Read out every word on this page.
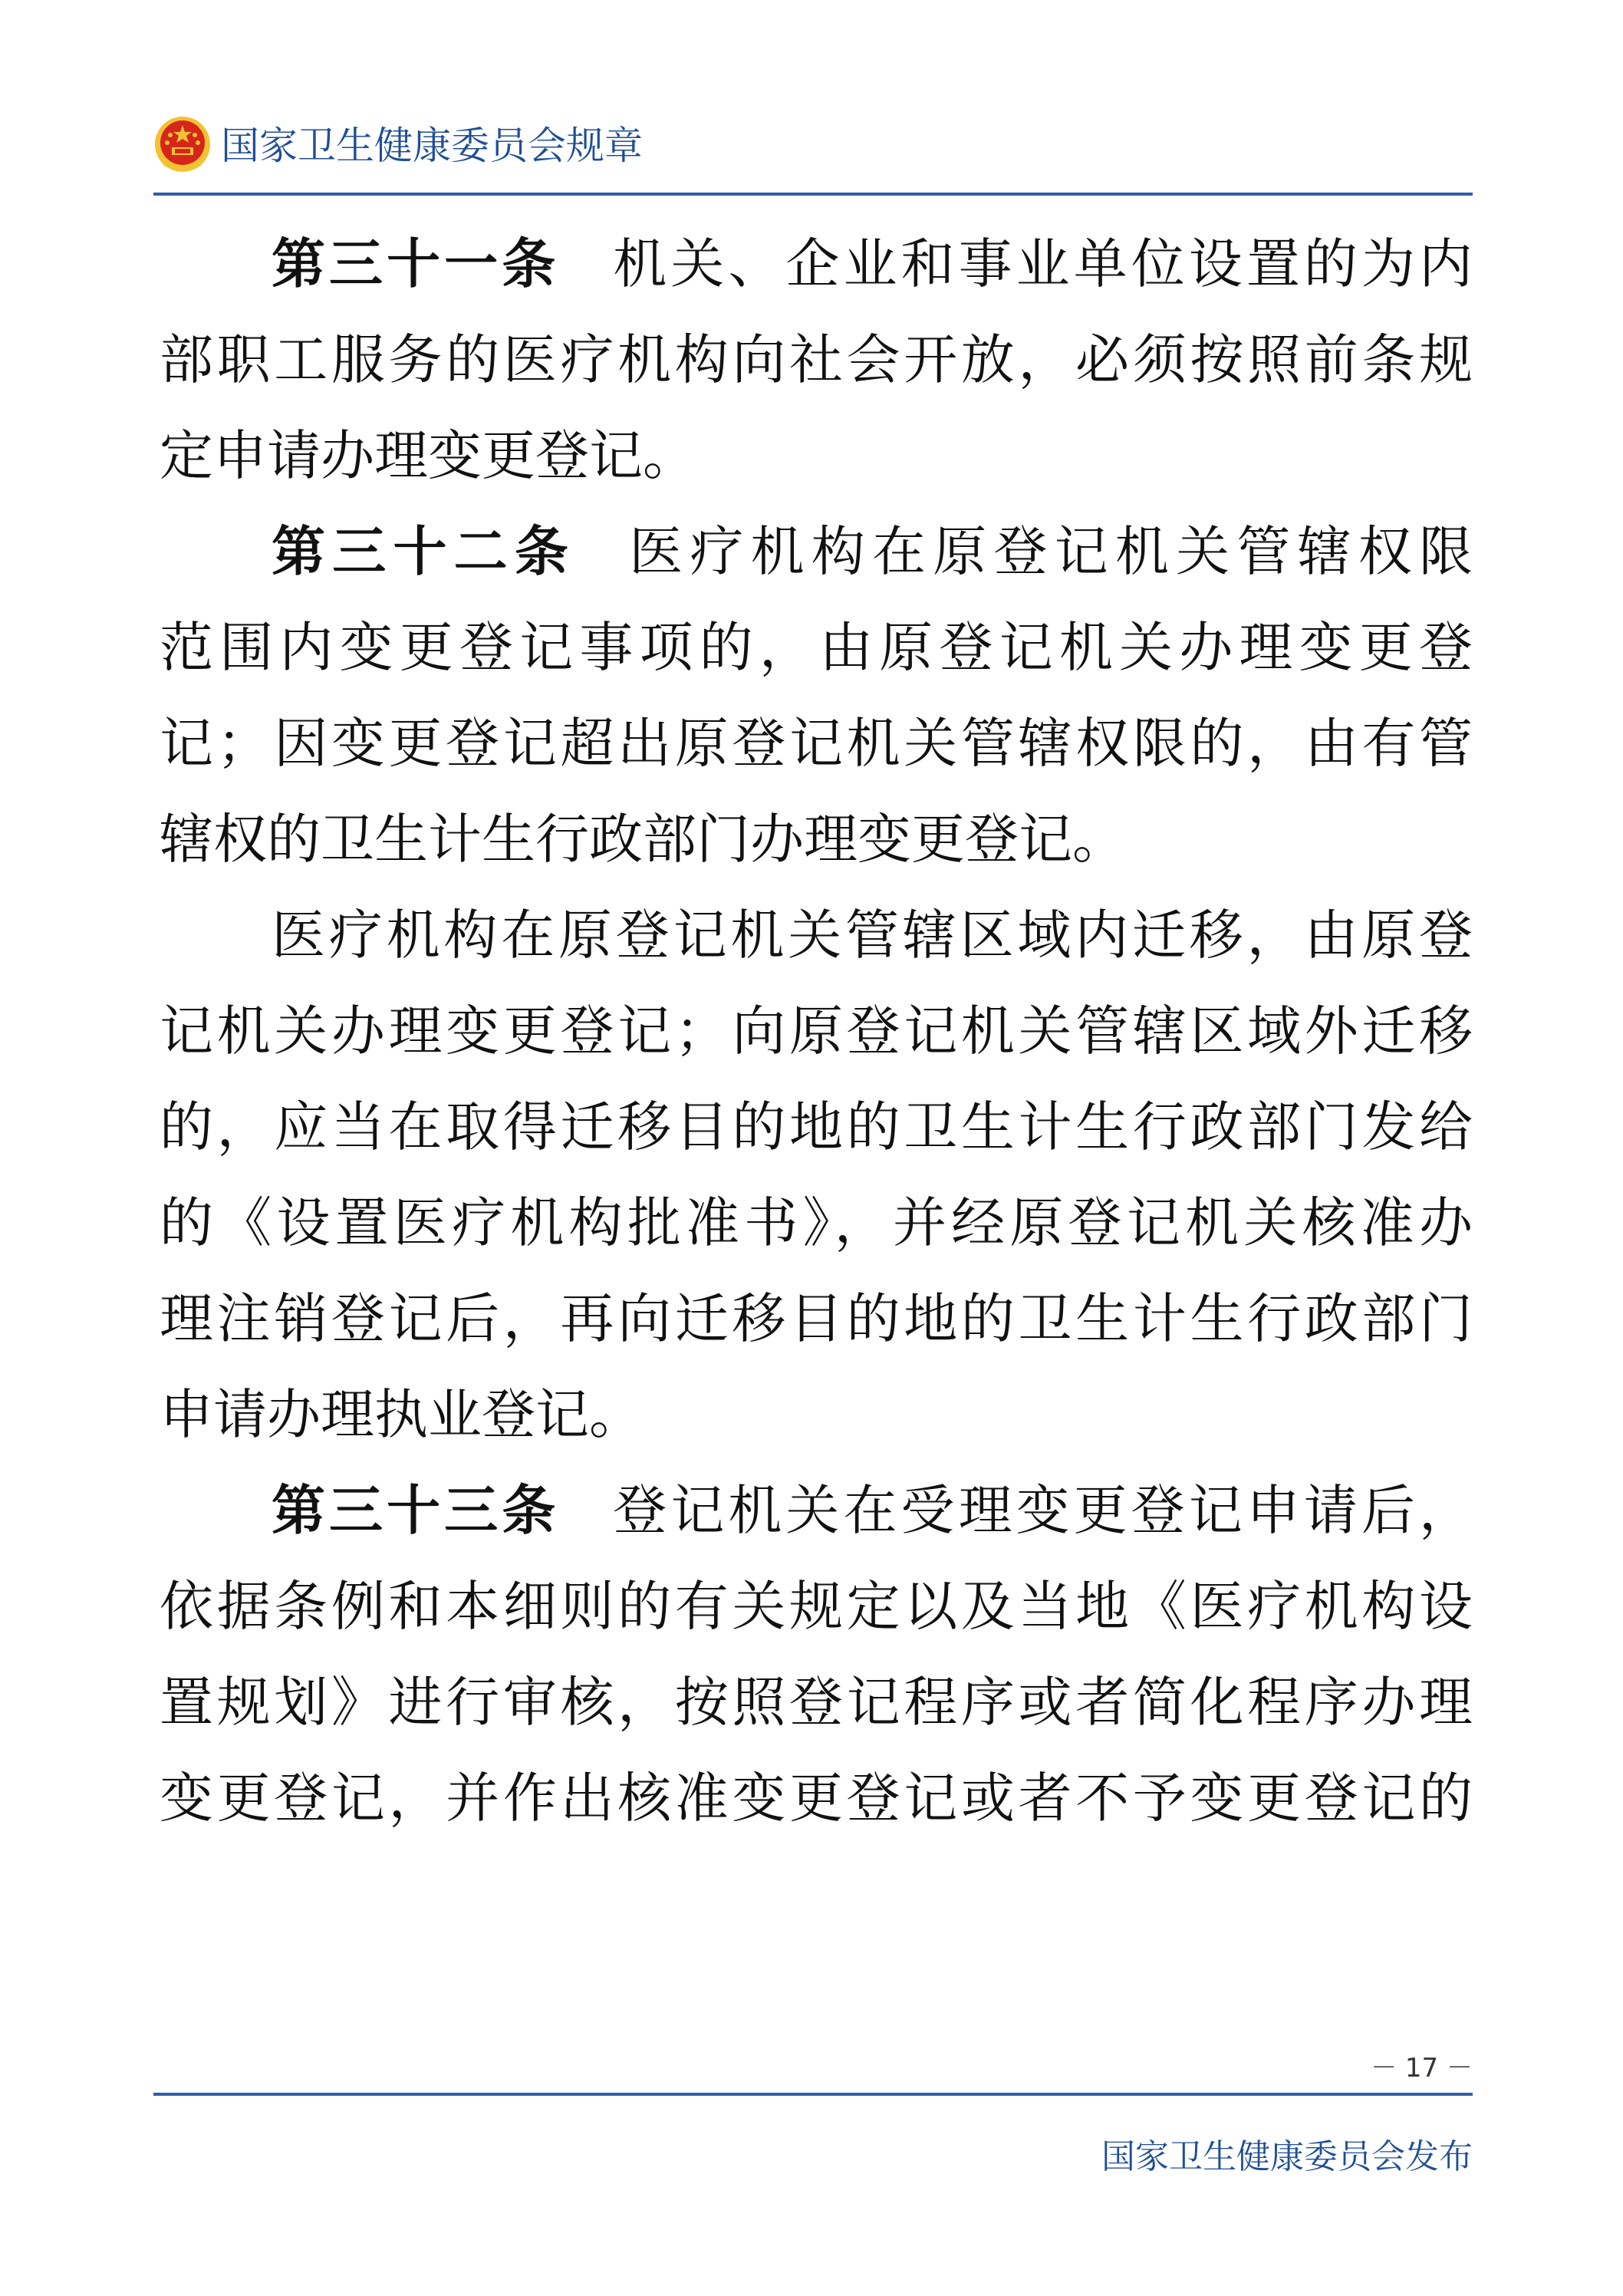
国家卫生健康委员会规章
第三十一条 机关、企业和事业单位设置的为内
部职工服务的医疗机构向社会开放，必须按照前条规
定申请办理变更登记。
第三十二条 医疗机构在原登记机关管辖权限
范围内变更登记事项的，由原登记机关办理变更登
记；因变更登记超出原登记机关管辖权限的，由有管
辖权的卫生计生行政部门办理变更登记。
医疗机构在原登记机关管辖区域内迁移，由原登
记机关办理变更登记；向原登记机关管辖区域外迁移
的，应当在取得迁移目的地的卫生计生行政部门发给
的《设置医疗机构批准书》，并经原登记机关核准办
理注销登记后，再向迁移目的地的卫生计生行政部门
申请办理执业登记。
第三十三条 登记机关在受理变更登记申请后，
依据条例和本细则的有关规定以及当地《医疗机构设
置规划》进行审核，按照登记程序或者简化程序办理
变更登记，并作出核准变更登记或者不予变更登记的
－ 17 －
国家卫生健康委员会发布
